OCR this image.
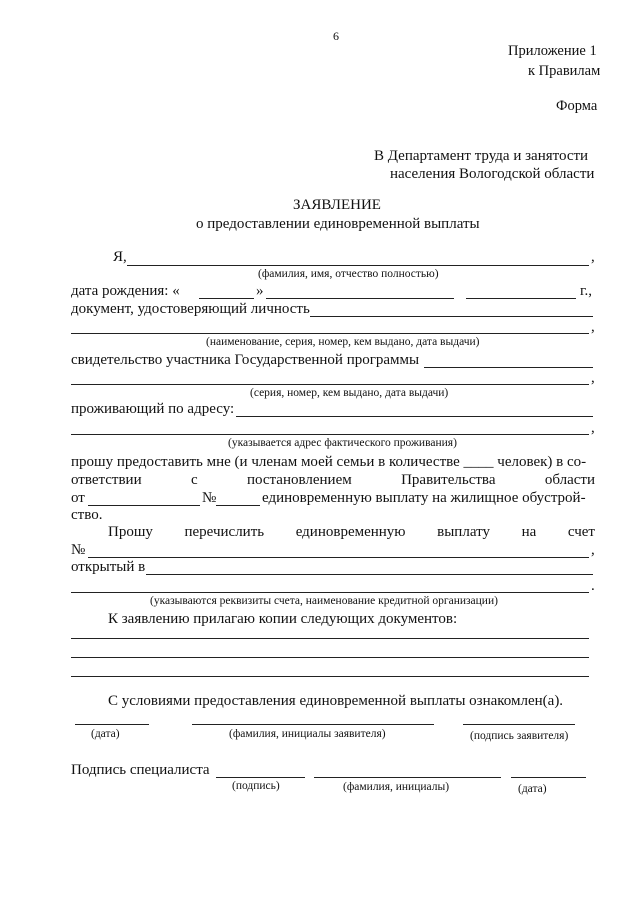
6
Приложение 1
к Правилам
Форма
В Департамент труда и занятости
населения Вологодской области
ЗАЯВЛЕНИЕ
о предоставлении единовременной выплаты
Я,	,
(фамилия, имя, отчество полностью)
дата рождения: «	»	г.,
документ, удостоверяющий личность
,
(наименование, серия, номер, кем выдано, дата выдачи)
свидетельство участника Государственной программы
,
(серия, номер, кем выдано, дата выдачи)
проживающий по адресу:
,
(указывается адрес фактического проживания)
прошу предоставить мне (и членам моей семьи в количестве ____ человек) в со-
ответствии	с	постановлением	Правительства	области
от	№	единовременную выплату на жилищное обустрой-
ство.
Прошу перечислить единовременную выплату на счет
№	,
открытый в
.
(указываются реквизиты счета, наименование кредитной организации)
К заявлению прилагаю копии следующих документов:
С условиями предоставления единовременной выплаты ознакомлен(а).
(дата)	(фамилия, инициалы заявителя)	(подпись заявителя)
Подпись специалиста
(подпись)	(фамилия, инициалы)	(дата)
